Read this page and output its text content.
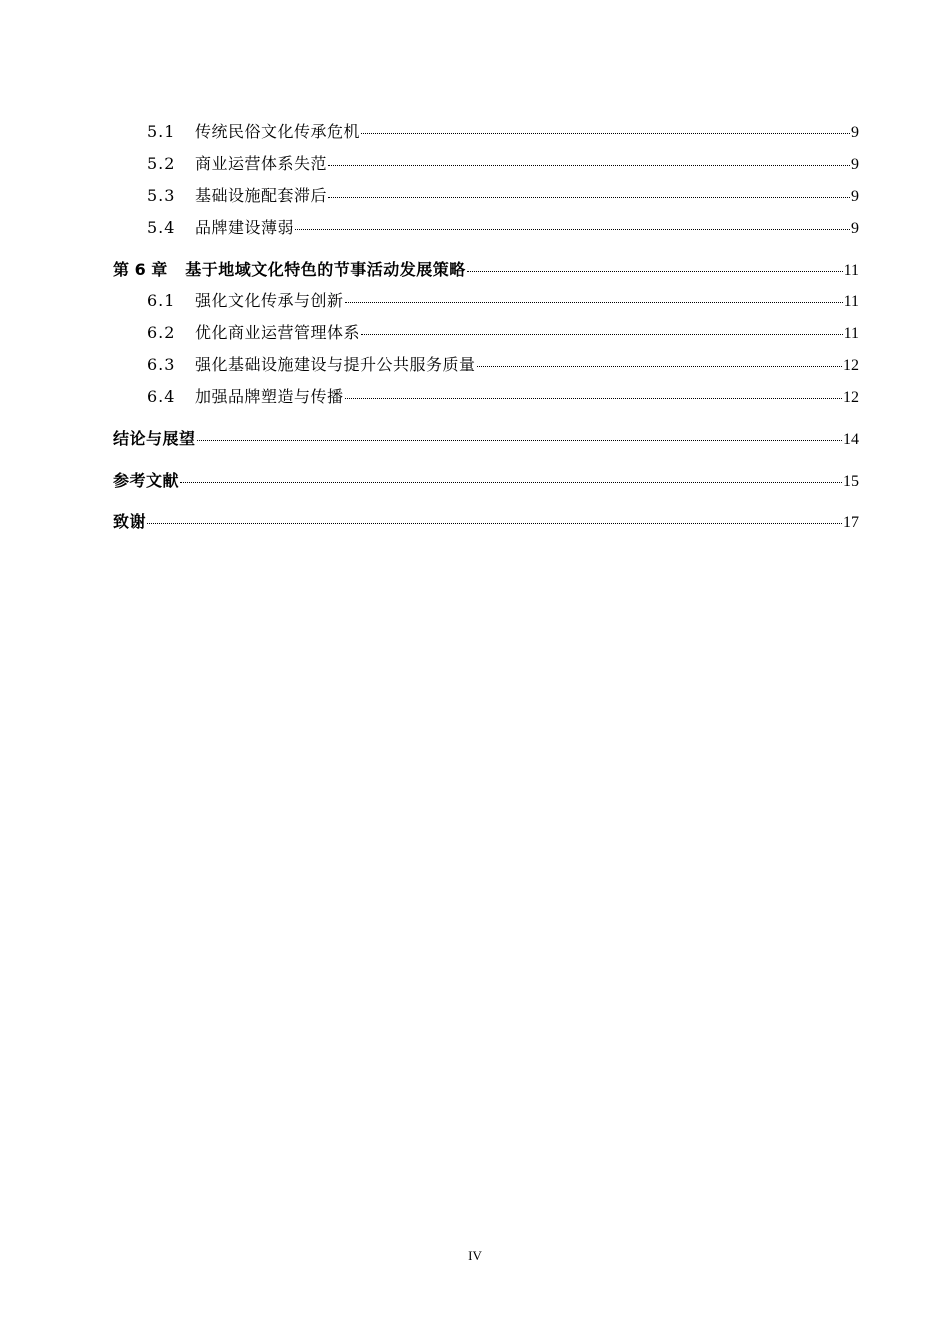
5.1	传统民俗文化传承危机	9
5.2	商业运营体系失范	9
5.3	基础设施配套滞后	9
5.4	品牌建设薄弱	9
第 6 章 基于地域文化特色的节事活动发展策略	11
6.1	强化文化传承与创新	11
6.2	优化商业运营管理体系	11
6.3	强化基础设施建设与提升公共服务质量	12
6.4	加强品牌塑造与传播	12
结论与展望	14
参考文献	15
致谢	17
IV
